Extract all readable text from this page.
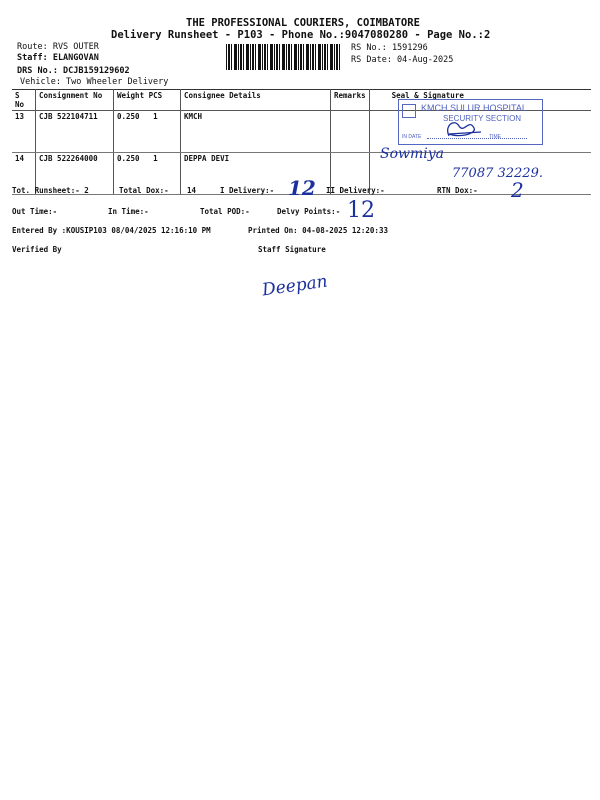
THE PROFESSIONAL COURIERS, COIMBATORE
Delivery Runsheet - P103 - Phone No.:9047080280 - Page No.:2
Route: RVS OUTER
Staff: ELANGOVAN
DRS No.: DCJB159129602
Vehicle: Two Wheeler Delivery
RS No.: 1591296
RS Date: 04-Aug-2025
S No	Consignment No	Weight PCS	Consignee Details	Remarks	Seal & Signature
13	CJB 522104711	0.250 1	KMCH		
14	CJB 522264000	0.250 1	DEPPA DEVI		
KMCH SULUR HOSPITAL
SECURITY SECTION
IN DATE	TIME
Sowmiya
77087 32229.
Tot. Runsheet:- 2	Total Dox:- 14	I Delivery:- 12 II Delivery:-	RTN Dox:- 2
Out Time:-	In Time:-	Total POD:-	Delvy Points:- 12
Entered By :KOUSIP103 08/04/2025 12:16:10 PM	Printed On: 04-08-2025 12:20:33
Verified By	Staff Signature
Deepan
